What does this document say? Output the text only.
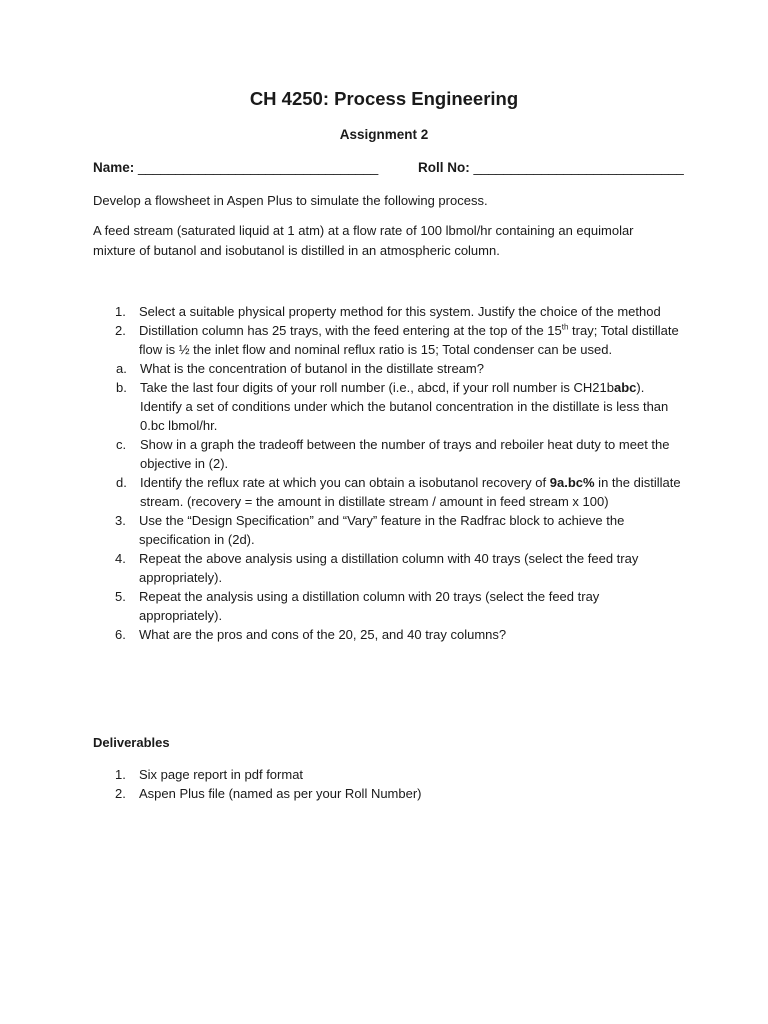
CH 4250: Process Engineering
Assignment 2
Name: ________________________________	Roll No: ____________________________
Develop a flowsheet in Aspen Plus to simulate the following process.
A feed stream (saturated liquid at 1 atm) at a flow rate of 100 lbmol/hr containing an equimolar mixture of butanol and isobutanol is distilled in an atmospheric column.
1. Select a suitable physical property method for this system. Justify the choice of the method
2. Distillation column has 25 trays, with the feed entering at the top of the 15th tray; Total distillate flow is ½ the inlet flow and nominal reflux ratio is 15; Total condenser can be used.
a. What is the concentration of butanol in the distillate stream?
b. Take the last four digits of your roll number (i.e., abcd, if your roll number is CH21babc). Identify a set of conditions under which the butanol concentration in the distillate is less than 0.bc lbmol/hr.
c. Show in a graph the tradeoff between the number of trays and reboiler heat duty to meet the objective in (2).
d. Identify the reflux rate at which you can obtain a isobutanol recovery of 9a.bc% in the distillate stream. (recovery = the amount in distillate stream / amount in feed stream x 100)
3. Use the “Design Specification” and “Vary” feature in the Radfrac block to achieve the specification in (2d).
4. Repeat the above analysis using a distillation column with 40 trays (select the feed tray appropriately).
5. Repeat the analysis using a distillation column with 20 trays (select the feed tray appropriately).
6. What are the pros and cons of the 20, 25, and 40 tray columns?
Deliverables
1. Six page report in pdf format
2. Aspen Plus file (named as per your Roll Number)
